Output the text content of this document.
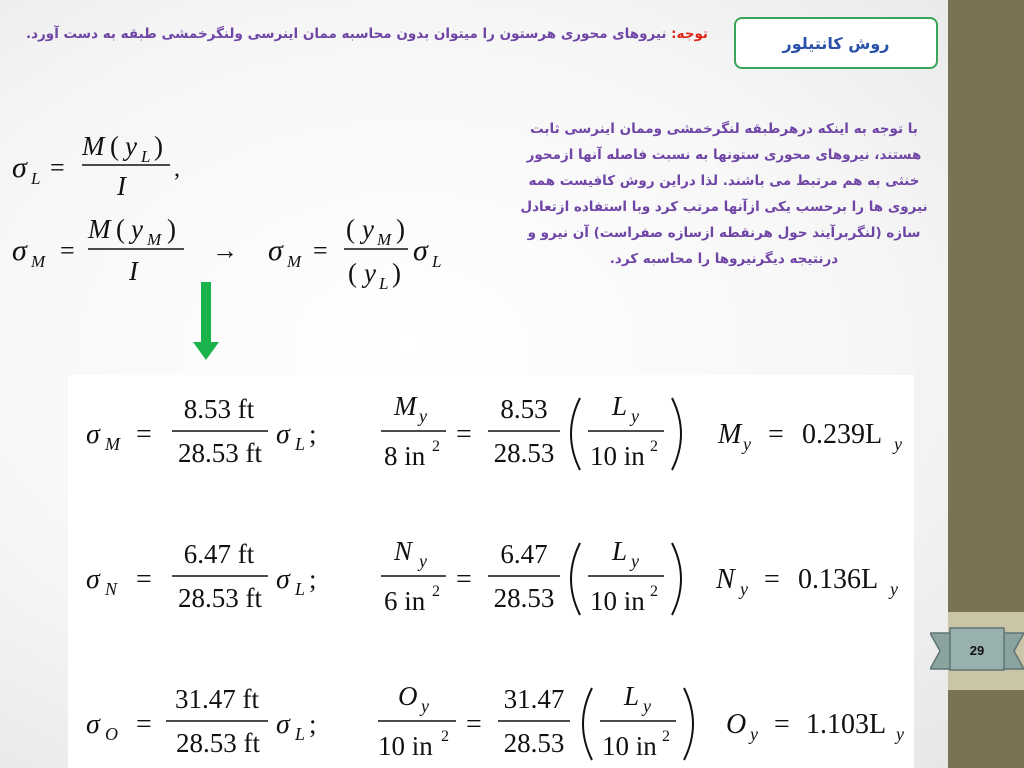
روش کانتیلور
توجه: نیروهای محوری هرستون را میتوان بدون محاسبه ممان اینرسی ولنگرخمشی طبقه به دست آورد.
با توجه به اینکه درهرطبقه لنگرخمشی وممان اینرسی ثابت
هستند، نیروهای محوری ستونها به نسبت فاصله آنها ازمحور
خنثی به هم مرتبط می باشند. لذا دراین روش کافیست همه
نیروی ها را برحسب یکی ازآنها مرتب کرد وبا استفاده ازتعادل
سازه (لنگربرآیند حول هرنقطه ازسازه صفراست) آن نیرو و
درنتیجه دیگرنیروها را محاسبه کرد.
σ L =
M ( y L )
I
,
σ M =
M ( y M )
I
→ σ M =
( y M )
( y L )
σ L
σ M =
8.53 ft
28.53 ft
σ L ;
M y
8 in 2 =
8.53
28.53
L y
10 in 2 M y = 0.239L y
σ N =
6.47 ft
28.53 ft
σ L ;
N y
6 in 2 =
6.47
28.53
L y
10 in 2 N y = 0.136L y
σ O =
31.47 ft
28.53 ft
σ L ;
O y
10 in 2 =
31.47
28.53
L y
10 in 2 O y = 1.103L y
29
